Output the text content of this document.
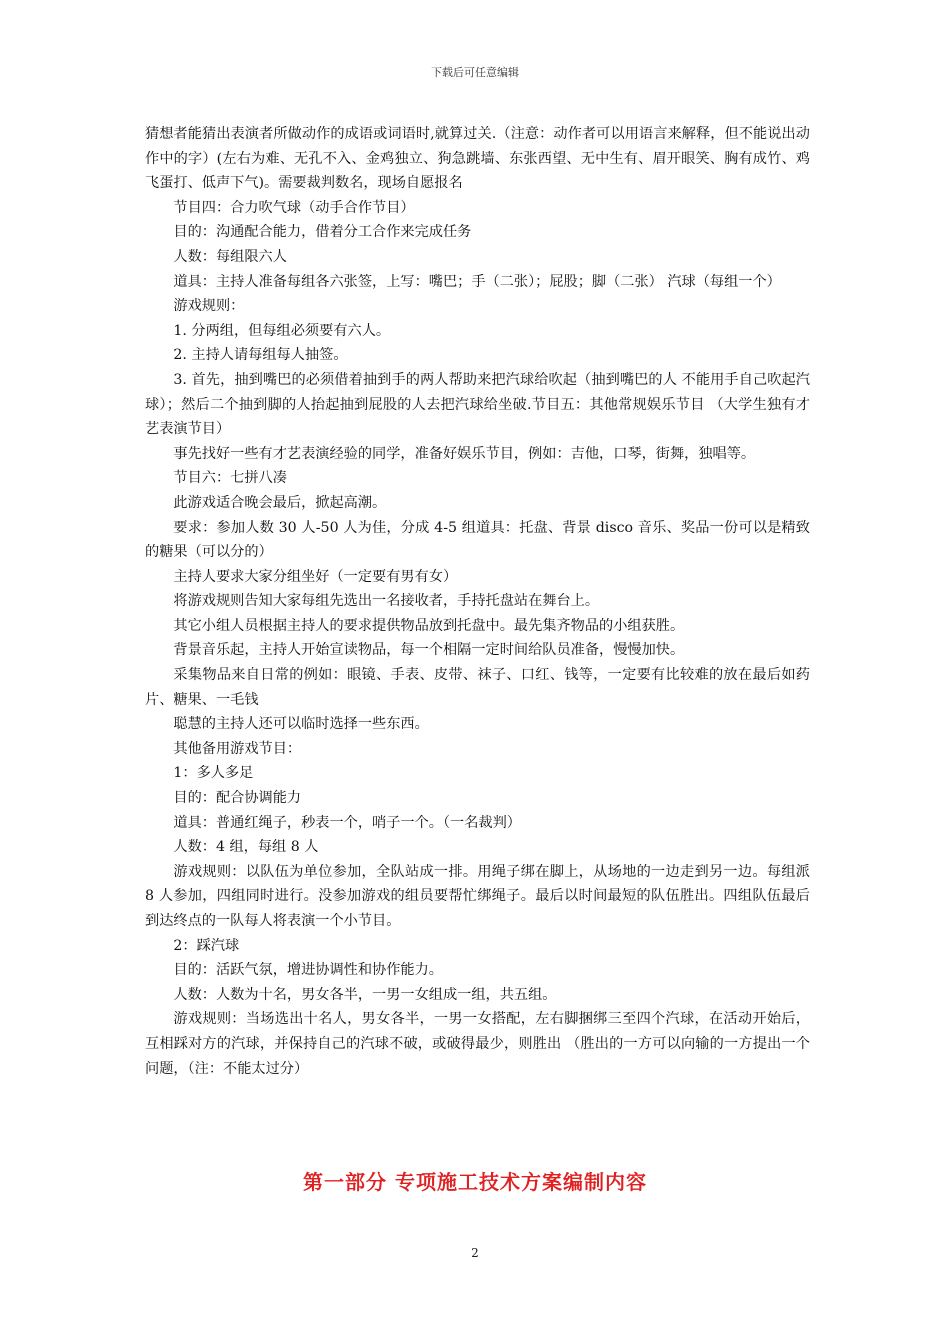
下载后可任意编辑

猜想者能猜出表演者所做动作的成语或词语时,就算过关.（注意：动作者可以用语言来解释，但不能说出动作中的字）(左右为难、无孔不入、金鸡独立、狗急跳墙、东张西望、无中生有、眉开眼笑、胸有成竹、鸡飞蛋打、低声下气)。需要裁判数名，现场自愿报名

节目四：合力吹气球（动手合作节目）

目的：沟通配合能力，借着分工合作来完成任务

人数：每组限六人

道具：主持人准备每组各六张签，上写：嘴巴；手（二张）；屁股；脚（二张） 汽球（每组一个）

游戏规则：

1. 分两组，但每组必须要有六人。

2. 主持人请每组每人抽签。

3. 首先，抽到嘴巴的必须借着抽到手的两人帮助来把汽球给吹起（抽到嘴巴的人 不能用手自己吹起汽球）；然后二个抽到脚的人抬起抽到屁股的人去把汽球给坐破.节目五：其他常规娱乐节目 （大学生独有才艺表演节目）

事先找好一些有才艺表演经验的同学，准备好娱乐节目，例如：吉他，口琴，街舞，独唱等。

节目六：七拼八凑

此游戏适合晚会最后，掀起高潮。

要求：参加人数 30 人-50 人为佳，分成 4-5 组道具：托盘、背景 disco 音乐、奖品一份可以是精致的糖果（可以分的）

主持人要求大家分组坐好（一定要有男有女）

将游戏规则告知大家每组先选出一名接收者，手持托盘站在舞台上。

其它小组人员根据主持人的要求提供物品放到托盘中。最先集齐物品的小组获胜。

背景音乐起，主持人开始宣读物品，每一个相隔一定时间给队员准备，慢慢加快。

采集物品来自日常的例如：眼镜、手表、皮带、袜子、口红、钱等，一定要有比较难的放在最后如药片、糖果、一毛钱

聪慧的主持人还可以临时选择一些东西。

其他备用游戏节目：

1：多人多足

目的：配合协调能力

道具：普通红绳子，秒表一个，哨子一个。（一名裁判）

人数：4 组，每组 8 人

游戏规则：以队伍为单位参加，全队站成一排。用绳子绑在脚上，从场地的一边走到另一边。每组派 8 人参加，四组同时进行。没参加游戏的组员要帮忙绑绳子。最后以时间最短的队伍胜出。四组队伍最后到达终点的一队每人将表演一个小节目。

2：踩汽球

目的：活跃气氛，增进协调性和协作能力。

人数：人数为十名，男女各半，一男一女组成一组，共五组。

游戏规则：当场选出十名人，男女各半，一男一女搭配，左右脚捆绑三至四个汽球，在活动开始后，互相踩对方的汽球，并保持自己的汽球不破，或破得最少，则胜出 （胜出的一方可以向输的一方提出一个问题，（注：不能太过分）

第一部分 专项施工技术方案编制内容
2
